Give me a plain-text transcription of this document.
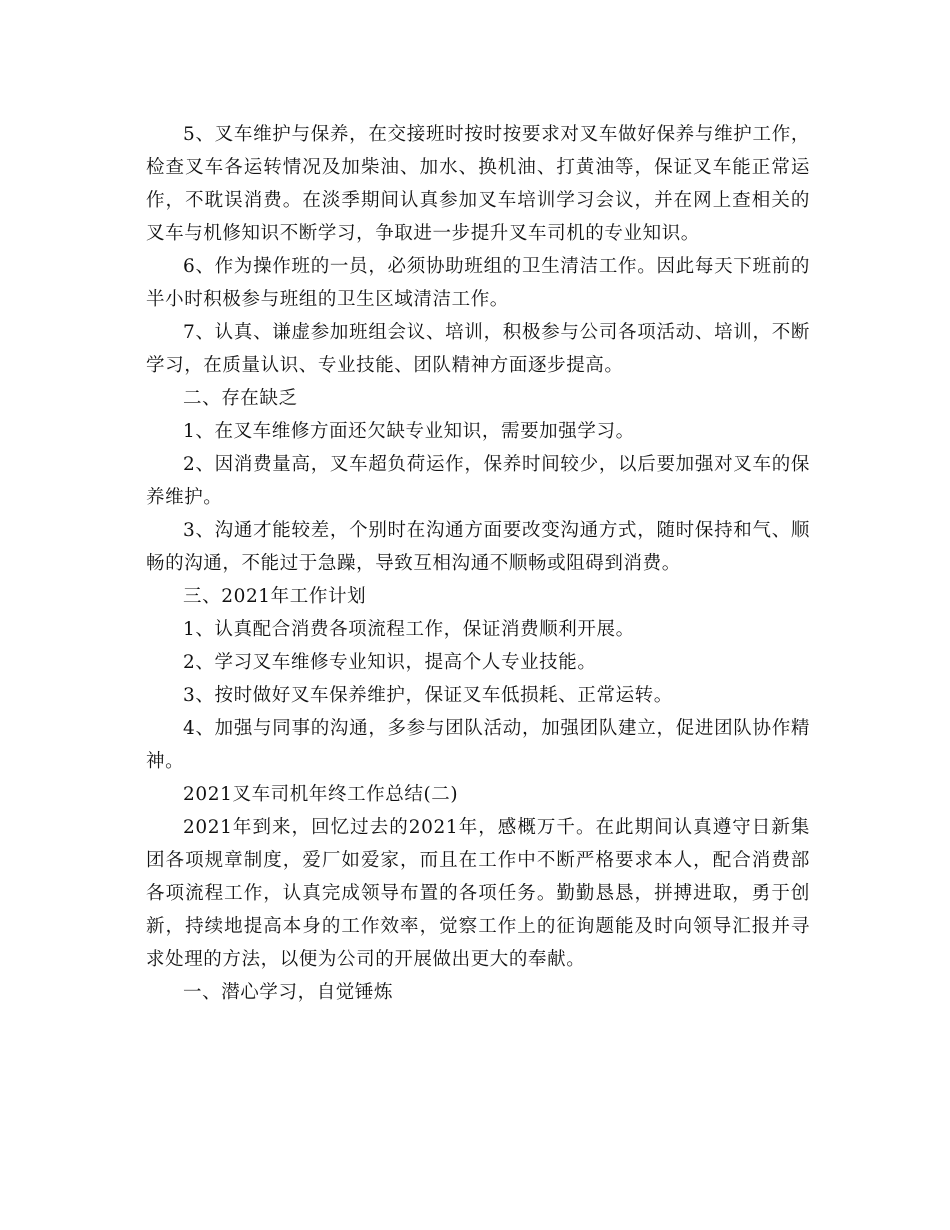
5、叉车维护与保养，在交接班时按时按要求对叉车做好保养与维护工作，检查叉车各运转情况及加柴油、加水、换机油、打黄油等，保证叉车能正常运作，不耽误消费。在淡季期间认真参加叉车培训学习会议，并在网上查相关的叉车与机修知识不断学习，争取进一步提升叉车司机的专业知识。

6、作为操作班的一员，必须协助班组的卫生清洁工作。因此每天下班前的半小时积极参与班组的卫生区域清洁工作。

7、认真、谦虚参加班组会议、培训，积极参与公司各项活动、培训，不断学习，在质量认识、专业技能、团队精神方面逐步提高。

二、存在缺乏

1、在叉车维修方面还欠缺专业知识，需要加强学习。

2、因消费量高，叉车超负荷运作，保养时间较少，以后要加强对叉车的保养维护。

3、沟通才能较差，个别时在沟通方面要改变沟通方式，随时保持和气、顺畅的沟通，不能过于急躁，导致互相沟通不顺畅或阻碍到消费。

三、2021年工作计划

1、认真配合消费各项流程工作，保证消费顺利开展。

2、学习叉车维修专业知识，提高个人专业技能。

3、按时做好叉车保养维护，保证叉车低损耗、正常运转。

4、加强与同事的沟通，多参与团队活动，加强团队建立，促进团队协作精神。

2021叉车司机年终工作总结(二)

2021年到来，回忆过去的2021年，感概万千。在此期间认真遵守日新集团各项规章制度，爱厂如爱家，而且在工作中不断严格要求本人，配合消费部各项流程工作，认真完成领导布置的各项任务。勤勤恳恳，拼搏进取，勇于创新，持续地提高本身的工作效率，觉察工作上的征询题能及时向领导汇报并寻求处理的方法，以便为公司的开展做出更大的奉献。

一、潜心学习，自觉锤炼
